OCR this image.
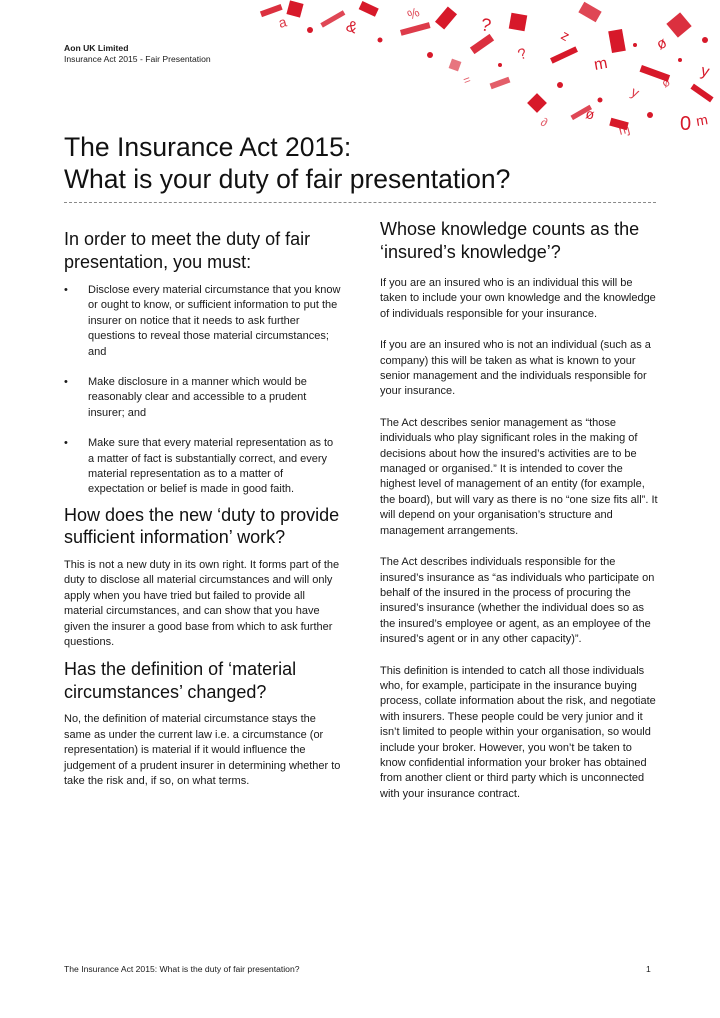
Aon UK Limited
Insurance Act 2015 - Fair Presentation
a	&
%
?
?
z
m
y
ø
0 m
ɱ
∂
=	y
ø
ø
The Insurance Act 2015:
What is your duty of fair presentation?
In order to meet the duty of fair presentation, you must:
• Disclose every material circumstance that you know or ought to know, or sufficient information to put the insurer on notice that it needs to ask further questions to reveal those material circumstances; and
• Make disclosure in a manner which would be reasonably clear and accessible to a prudent insurer; and
• Make sure that every material representation as to a matter of fact is substantially correct, and every material representation as to a matter of expectation or belief is made in good faith.
How does the new ‘duty to provide sufficient information’ work?

This is not a new duty in its own right. It forms part of the duty to disclose all material circumstances and will only apply when you have tried but failed to provide all material circumstances, and can show that you have given the insurer a good base from which to ask further questions.

Has the definition of ‘material circumstances’ changed?

No, the definition of material circumstance stays the same as under the current law i.e. a circumstance (or representation) is material if it would influence the judgement of a prudent insurer in determining whether to take the risk and, if so, on what terms.

Whose knowledge counts as the ‘insured’s knowledge’?

If you are an insured who is an individual this will be taken to include your own knowledge and the knowledge of individuals responsible for your insurance.

If you are an insured who is not an individual (such as a company) this will be taken as what is known to your senior management and the individuals responsible for your insurance.

The Act describes senior management as “those individuals who play significant roles in the making of decisions about how the insured’s activities are to be managed or organised.” It is intended to cover the highest level of management of an entity (for example, the board), but will vary as there is no “one size fits all”. It will depend on your organisation’s structure and management arrangements.

The Act describes individuals responsible for the insured’s insurance as “as individuals who participate on behalf of the insured in the process of procuring the insured’s insurance (whether the individual does so as the insured’s employee or agent, as an employee of the insured’s agent or in any other capacity)”.

This definition is intended to catch all those individuals who, for example, participate in the insurance buying process, collate information about the risk, and negotiate with insurers. These people could be very junior and it isn’t limited to people within your organisation, so would include your broker. However, you won’t be taken to know confidential information your broker has obtained from another client or third party which is unconnected with your insurance contract.

The Insurance Act 2015: What is the duty of fair presentation?	1
